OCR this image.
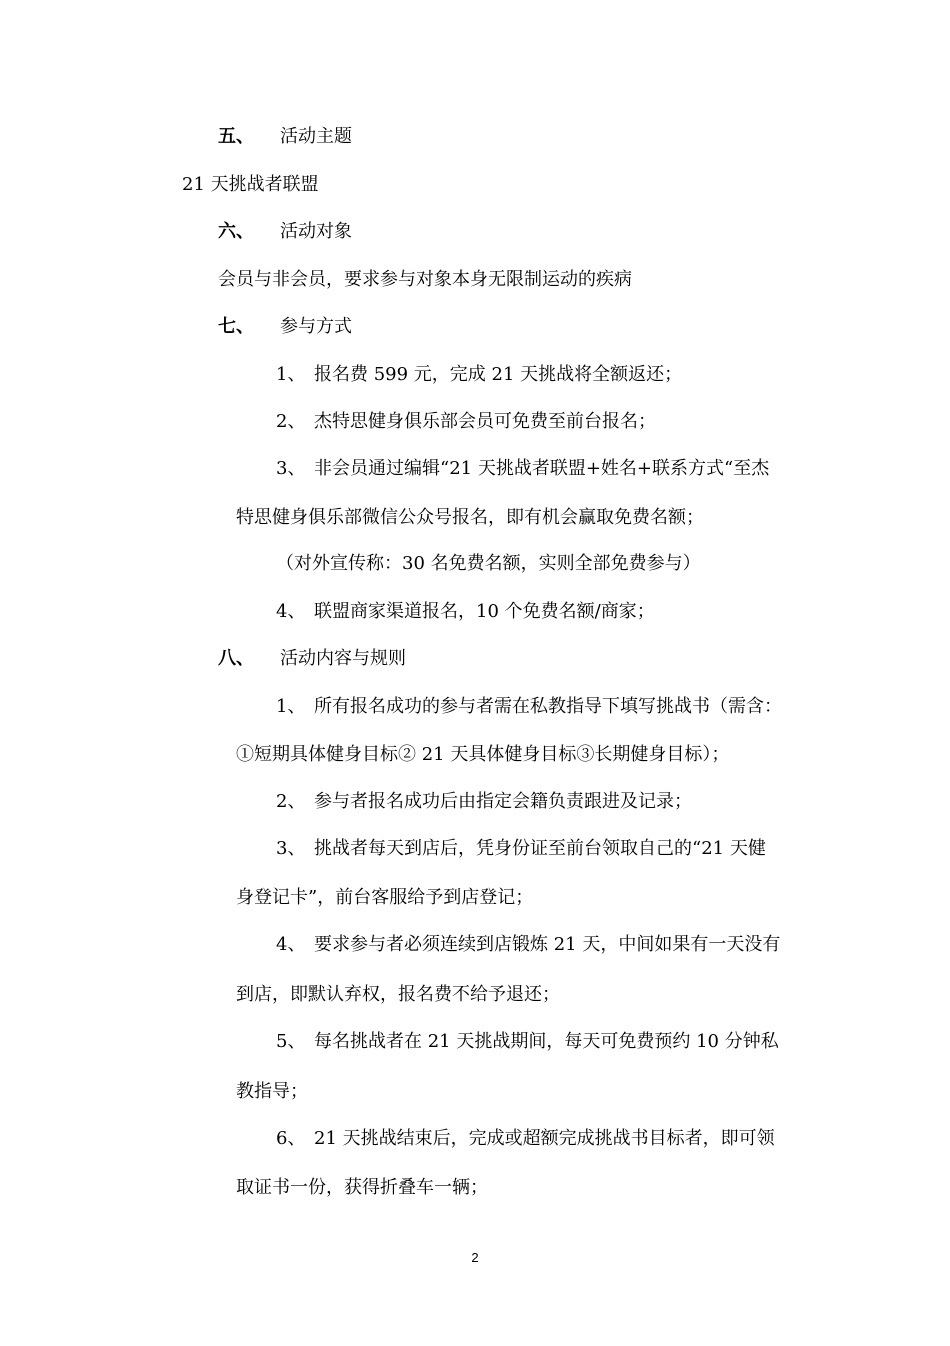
五、 活动主题
21 天挑战者联盟
六、 活动对象
会员与非会员，要求参与对象本身无限制运动的疾病
七、 参与方式
1、 报名费 599 元，完成 21 天挑战将全额返还；
2、 杰特思健身俱乐部会员可免费至前台报名；
3、 非会员通过编辑“21 天挑战者联盟+姓名+联系方式“至杰
特思健身俱乐部微信公众号报名，即有机会赢取免费名额；
（对外宣传称：30 名免费名额，实则全部免费参与）
4、 联盟商家渠道报名，10 个免费名额/商家；
八、 活动内容与规则
1、 所有报名成功的参与者需在私教指导下填写挑战书（需含：
①短期具体健身目标② 21 天具体健身目标③长期健身目标）；
2、 参与者报名成功后由指定会籍负责跟进及记录；
3、 挑战者每天到店后，凭身份证至前台领取自己的“21 天健
身登记卡”，前台客服给予到店登记；
4、 要求参与者必须连续到店锻炼 21 天，中间如果有一天没有
到店，即默认弃权，报名费不给予退还；
5、 每名挑战者在 21 天挑战期间，每天可免费预约 10 分钟私
教指导；
6、 21 天挑战结束后，完成或超额完成挑战书目标者，即可领
取证书一份，获得折叠车一辆；
2
